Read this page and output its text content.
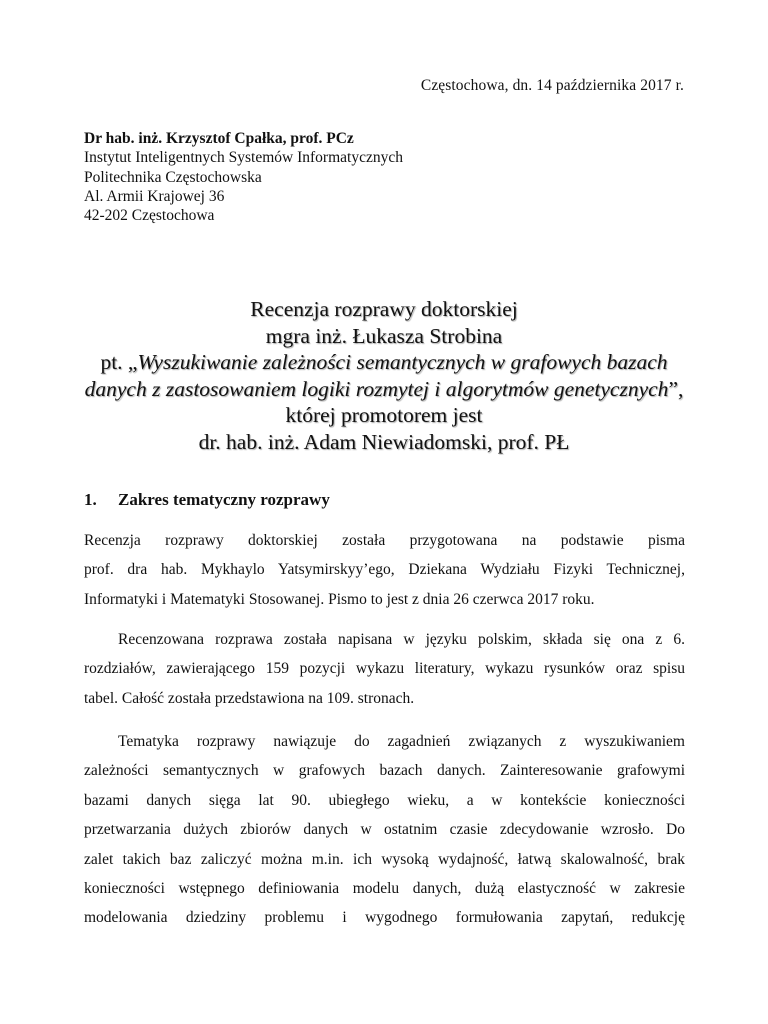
Częstochowa, dn. 14 października 2017 r.
Dr hab. inż. Krzysztof Cpałka, prof. PCz
Instytut Inteligentnych Systemów Informatycznych
Politechnika Częstochowska
Al. Armii Krajowej 36
42-202 Częstochowa
Recenzja rozprawy doktorskiej
mgra inż. Łukasza Strobina
pt. „Wyszukiwanie zależności semantycznych w grafowych bazach
danych z zastosowaniem logiki rozmytej i algorytmów genetycznych”,
której promotorem jest
dr. hab. inż. Adam Niewiadomski, prof. PŁ
1. Zakres tematyczny rozprawy
Recenzja rozprawy doktorskiej została przygotowana na podstawie pisma
prof. dra hab. Mykhaylo Yatsymirskyy’ego, Dziekana Wydziału Fizyki Technicznej,
Informatyki i Matematyki Stosowanej. Pismo to jest z dnia 26 czerwca 2017 roku.
Recenzowana rozprawa została napisana w języku polskim, składa się ona z 6.
rozdziałów, zawierającego 159 pozycji wykazu literatury, wykazu rysunków oraz spisu
tabel. Całość została przedstawiona na 109. stronach.
Tematyka rozprawy nawiązuje do zagadnień związanych z wyszukiwaniem
zależności semantycznych w grafowych bazach danych. Zainteresowanie grafowymi
bazami danych sięga lat 90. ubiegłego wieku, a w kontekście konieczności
przetwarzania dużych zbiorów danych w ostatnim czasie zdecydowanie wzrosło. Do
zalet takich baz zaliczyć można m.in. ich wysoką wydajność, łatwą skalowalność, brak
konieczności wstępnego definiowania modelu danych, dużą elastyczność w zakresie
modelowania dziedziny problemu i wygodnego formułowania zapytań, redukcję
